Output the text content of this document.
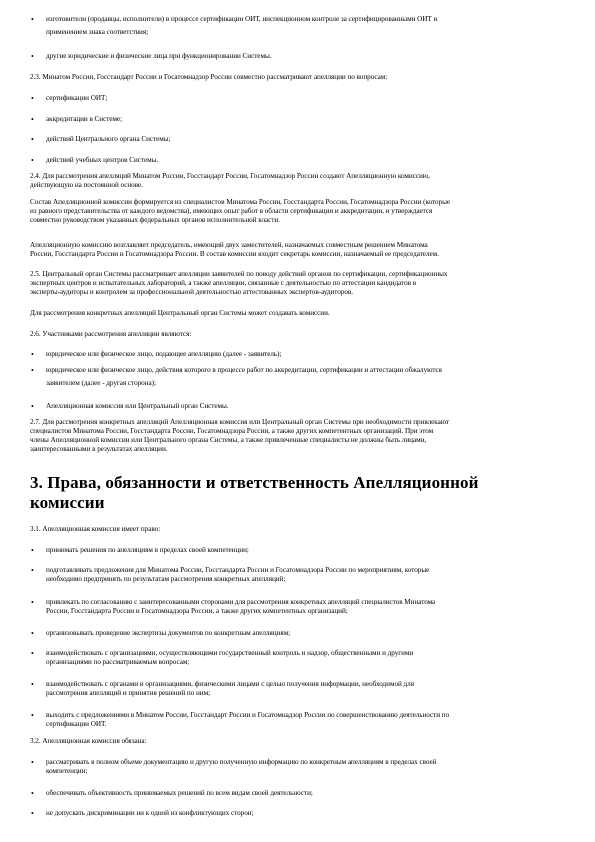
3. Права, обязанности и ответственность Апелляционной
комиссии
• изготовители (продавцы, исполнители) в процессе сертификации ОИТ, инспекционном контроле за сертифицированными ОИТ и
применением знака соответствия;
• другие юридические и физические лица при функционировании Системы.
2.3. Минатом России, Госстандарт России и Госатомнадзор России совместно рассматривают апелляции по вопросам:
• сертификации ОИТ;
• аккредитации в Системе;
• действий Центрального органа Системы;
• действий учебных центров Системы.
2.4. Для рассмотрения апелляций Минатом России, Госстандарт России, Госатомнадзор России создают Апелляционную комиссию,
действующую на постоянной основе.
Состав Апелляционной комиссии формируется из специалистов Минатома России, Госстандарта России, Госатомнадзора России (которые
из равного представительства от каждого ведомства), имеющих опыт работ в области сертификации и аккредитации, и утверждается
совместно руководством указанных федеральных органов исполнительной власти.
Апелляционную комиссию возглавляет председатель, имеющий двух заместителей, назначаемых совместным решением Минатома
России, Госстандарта России и Госатомнадзора России. В состав комиссии входит секретарь комиссии, назначаемый ее председателем.
2.5. Центральный орган Системы рассматривает апелляции заявителей по поводу действий органов по сертификации, сертификационных
экспертных центров и испытательных лабораторий, а также апелляции, связанные с деятельностью по аттестации кандидатов в
эксперты-аудиторы и контролем за профессиональной деятельностью аттестованных экспертов-аудиторов.
Для рассмотрения конкретных апелляций Центральный орган Системы может создавать комиссии.
2.6. Участниками рассмотрения апелляции являются:
• юридическое или физическое лицо, подающее апелляцию (далее - заявитель);
• юридическое или физическое лицо, действия которого в процессе работ по аккредитации, сертификации и аттестации обжалуются
заявителем (далее - другая сторона);
• Апелляционная комиссия или Центральный орган Системы.
2.7. Для рассмотрения конкретных апелляций Апелляционная комиссия или Центральный орган Системы при необходимости привлекают
специалистов Минатома России, Госстандарта России, Госатомнадзора России, а также других компетентных организаций. При этом
члены Апелляционной комиссии или Центрального органа Системы, а также привлеченные специалисты не должны быть лицами,
заинтересованными в результатах апелляции.
3.1. Апелляционная комиссия имеет право:
• принимать решения по апелляциям в пределах своей компетенции;
• подготавливать предложения для Минатома России, Госстандарта России и Госатомнадзора России по мероприятиям, которые
необходимо предпринять по результатам рассмотрения конкретных апелляций;
• привлекать по согласованию с заинтересованными сторонами для рассмотрения конкретных апелляций специалистов Минатома
России, Госстандарта России и Госатомнадзора России, а также других компетентных организаций;
• организовывать проведение экспертизы документов по конкретным апелляциям;
• взаимодействовать с организациями, осуществляющими государственный контроль и надзор, общественными и другими
организациями по рассматриваемым вопросам;
• взаимодействовать с органами и организациями, физическими лицами с целью получения информации, необходимой для
рассмотрения апелляций и принятия решений по ним;
• выходить с предложениями в Минатом России, Госстандарт России и Госатомнадзор России по совершенствованию деятельности по
сертификации ОИТ.
3.2. Апелляционная комиссия обязана:
• рассматривать в полном объеме документацию и другую полученную информацию по конкретным апелляциям в пределах своей
компетенции;
• обеспечивать объективность принимаемых решений по всем видам своей деятельности;
• не допускать дискриминации ни к одной из конфликтующих сторон;
